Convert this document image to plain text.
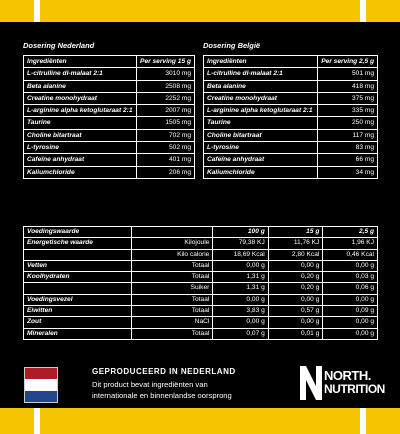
Dosering Nederland
Ingrediënten	Per serving 15 g
L-citrulline dl-malaat 2:1	3010 mg
Beta alanine	2508 mg
Creatine monohydraat	2252 mg
L-arginine alpha ketoglutaraat 2:1	2007 mg
Taurine	1505 mg
Choline bitartraat	702 mg
L-tyrosine	502 mg
Cafeïne anhydraat	401 mg
Kaliumchloride	206 mg
Dosering België
Ingrediënten	Per serving 2,5 g
L-citrulline dl-malaat 2:1	501 mg
Beta alanine	418 mg
Creatine monohydraat	375 mg
L-arginine alpha ketoglutaraat 2:1	335 mg
Taurine	250 mg
Choline bitartraat	117 mg
L-tyrosine	83 mg
Cafeïne anhydraat	66 mg
Kaliumchloride	34 mg
Voedingswaarde		100 g	15 g	2,5 g
Energetische waarde	Kilojoule	79,38 KJ	11,76 KJ	1,96 KJ
	Kilo calorie	18,69 Kcal	2,80 Kcal	0,46 Kcal
Vetten	Totaal	0,00 g	0,00 g	0,00 g
Koolhydraten	Totaal	1,31 g	0,20 g	0,03 g
	Suiker	1,31 g	0,20 g	0,06 g
Voedingsvezel	Totaal	0,00 g	0,00 g	0,00 g
Eiwitten	Totaal	3,83 g	0,57 g	0,09 g
Zout	NaCl	0,00 g	0,00 g	0,00 g
Mineralen	Totaal	0,07 g	0,01 g	0,00 g
GEPRODUCEERD IN NEDERLAND
Dit product bevat ingrediënten van
internationale en binnenlandse oorsprong
NORTH.
NUTRITION
